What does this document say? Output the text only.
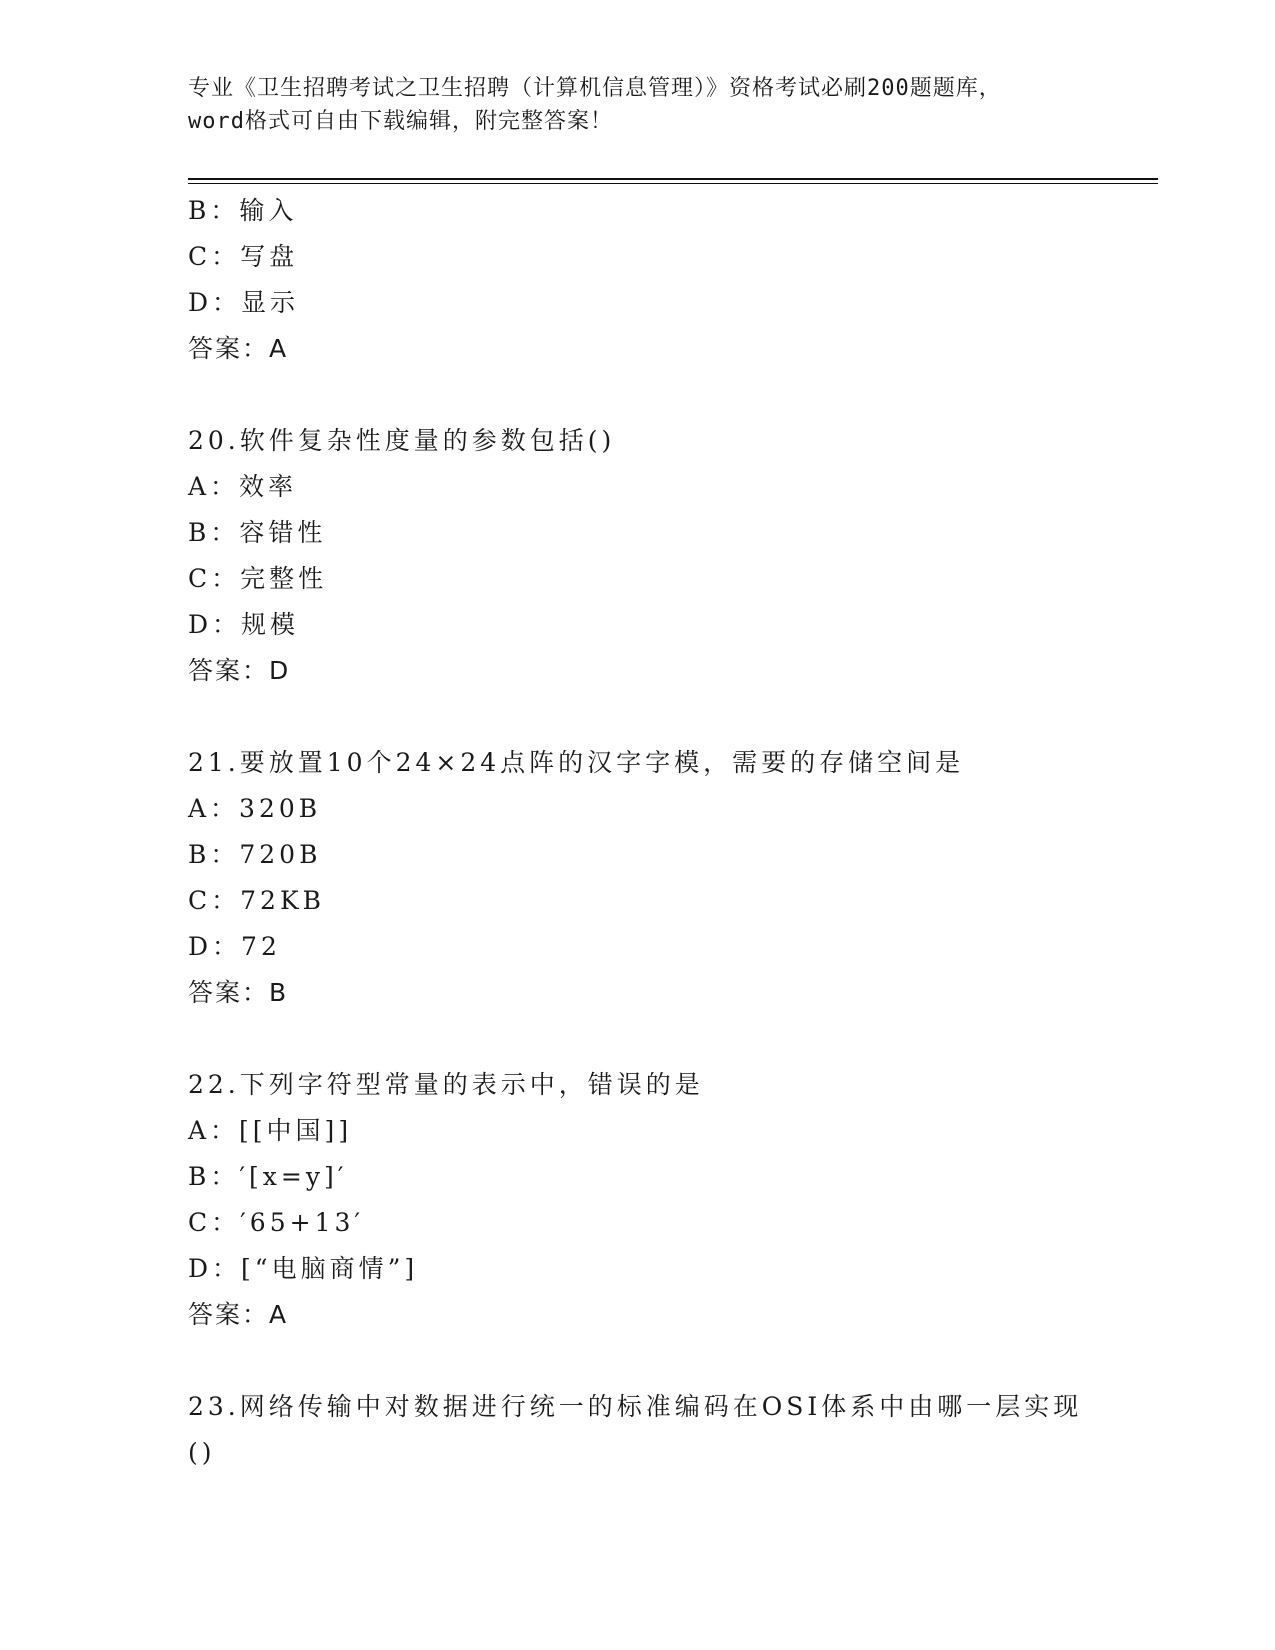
专业《卫生招聘考试之卫生招聘（计算机信息管理）》资格考试必刷200题题库，
word格式可自由下载编辑，附完整答案！
B：输入
C：写盘
D：显示
答案：A
20.软件复杂性度量的参数包括()
A：效率
B：容错性
C：完整性
D：规模
答案：D
21.要放置10个24×24点阵的汉字字模，需要的存储空间是
A：320B
B：720B
C：72KB
D：72
答案：B
22.下列字符型常量的表示中，错误的是
A：[[中国]]
B：′[x=y]′
C：′65+13′
D：[“电脑商情”]
答案：A
23.网络传输中对数据进行统一的标准编码在OSI体系中由哪一层实现()
